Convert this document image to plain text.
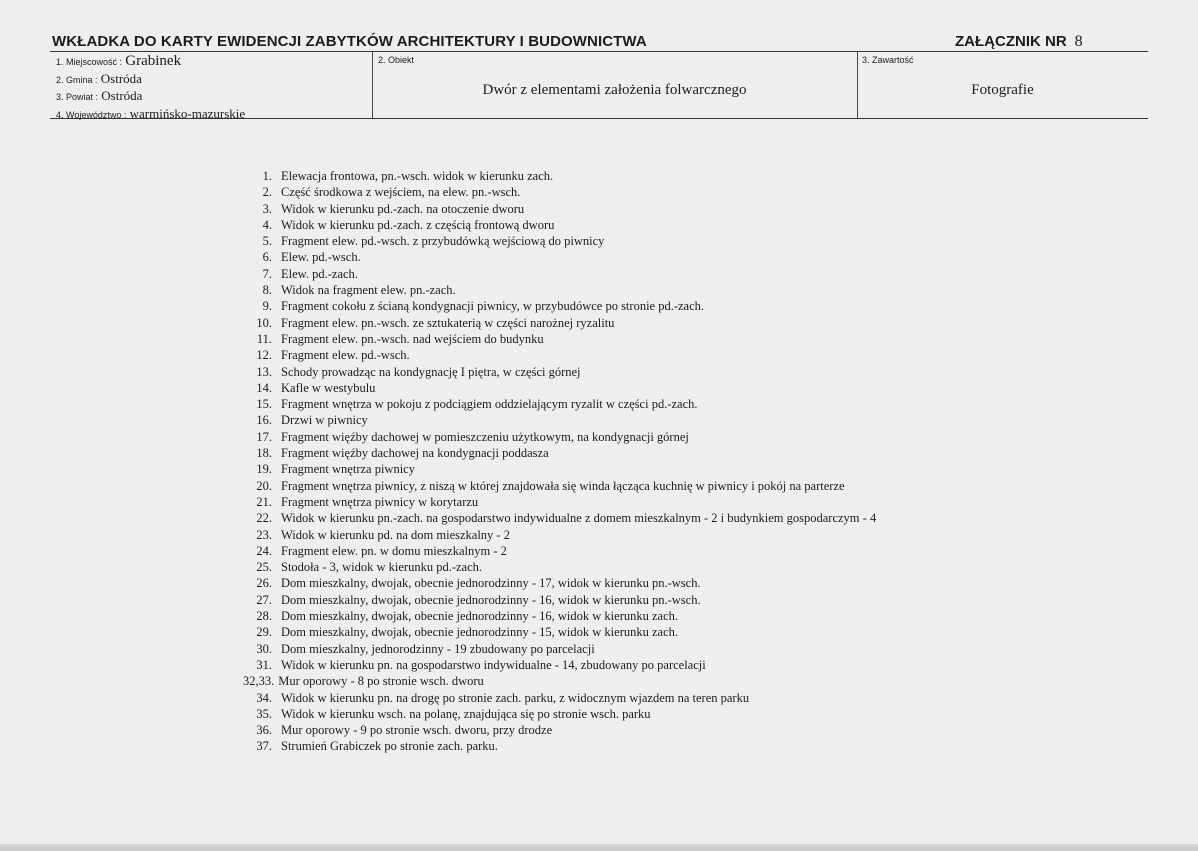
WKŁADKA DO KARTY EWIDENCJI ZABYTKÓW ARCHITEKTURY I BUDOWNICTWA	ZAŁĄCZNIK NR 8
1. Miejscowość : Grabinek
2. Gmina : Ostróda
3. Powiat : Ostróda
4. Województwo : warmińsko-mazurskie
2. Obiekt
Dwór z elementami założenia folwarcznego
3. Zawartość
Fotografie
1. Elewacja frontowa, pn.-wsch. widok w kierunku zach.
2. Część środkowa z wejściem, na elew. pn.-wsch.
3. Widok w kierunku pd.-zach. na otoczenie dworu
4. Widok w kierunku pd.-zach. z częścią frontową dworu
5. Fragment elew. pd.-wsch. z przybudówką wejściową do piwnicy
6. Elew. pd.-wsch.
7. Elew. pd.-zach.
8. Widok na fragment elew. pn.-zach.
9. Fragment cokołu z ścianą kondygnacji piwnicy, w przybudówce po stronie pd.-zach.
10. Fragment elew. pn.-wsch. ze sztukaterią w części narożnej ryzalitu
11. Fragment elew. pn.-wsch. nad wejściem do budynku
12. Fragment elew. pd.-wsch.
13. Schody prowadząc na kondygnację I piętra, w części górnej
14. Kafle w westybulu
15. Fragment wnętrza w pokoju z podciągiem oddzielającym ryzalit w części pd.-zach.
16. Drzwi w piwnicy
17. Fragment więźby dachowej w pomieszczeniu użytkowym, na kondygnacji górnej
18. Fragment więźby dachowej na kondygnacji poddasza
19. Fragment wnętrza piwnicy
20. Fragment wnętrza piwnicy, z niszą w której znajdowała się winda łącząca kuchnię w piwnicy i pokój na parterze
21. Fragment wnętrza piwnicy w korytarzu
22. Widok w kierunku pn.-zach. na gospodarstwo indywidualne z domem mieszkalnym - 2 i budynkiem gospodarczym - 4
23. Widok w kierunku pd. na dom mieszkalny - 2
24. Fragment elew. pn. w domu mieszkalnym - 2
25. Stodoła - 3, widok w kierunku pd.-zach.
26. Dom mieszkalny, dwojak, obecnie jednorodzinny - 17, widok w kierunku pn.-wsch.
27. Dom mieszkalny, dwojak, obecnie jednorodzinny - 16, widok w kierunku pn.-wsch.
28. Dom mieszkalny, dwojak, obecnie jednorodzinny - 16, widok w kierunku zach.
29. Dom mieszkalny, dwojak, obecnie jednorodzinny - 15, widok w kierunku zach.
30. Dom mieszkalny, jednorodzinny - 19 zbudowany po parcelacji
31. Widok w kierunku pn. na gospodarstwo indywidualne - 14, zbudowany po parcelacji
32,33. Mur oporowy - 8 po stronie wsch. dworu
34. Widok w kierunku pn. na drogę po stronie zach. parku, z widocznym wjazdem na teren parku
35. Widok w kierunku wsch. na polanę, znajdująca się po stronie wsch. parku
36. Mur oporowy - 9 po stronie wsch. dworu, przy drodze
37. Strumień Grabiczek po stronie zach. parku.
